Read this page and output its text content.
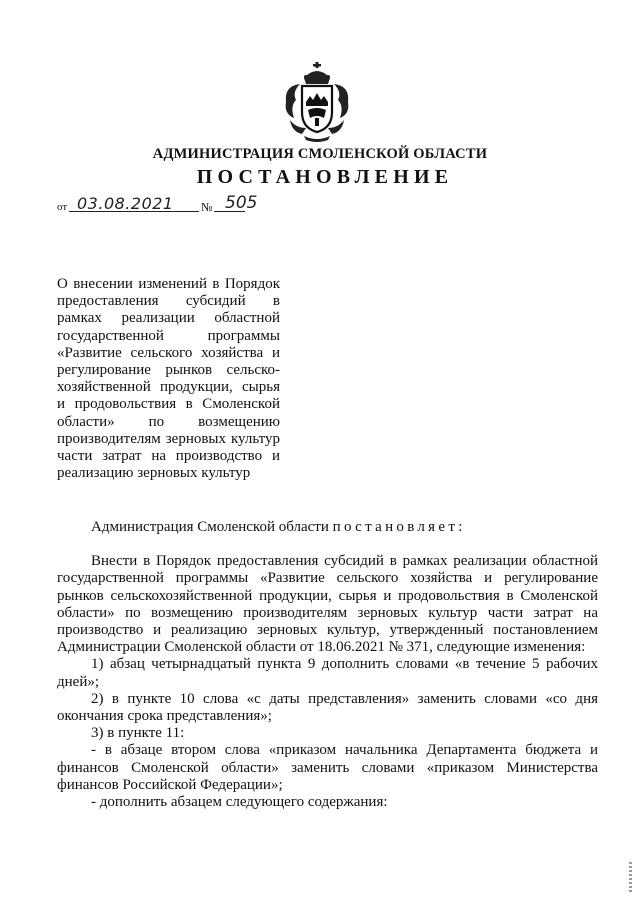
АДМИНИСТРАЦИЯ СМОЛЕНСКОЙ ОБЛАСТИ
ПОСТАНОВЛЕНИЕ
от 03.08.2021 № 505

О внесении изменений в Порядок предоставления субсидий в рамках реализации областной государственной программы «Развитие сельского хозяйства и регулирование рынков сельскохозяйственной продукции, сырья и продовольствия в Смоленской области» по возмещению производителям зерновых культур части затрат на производство и реализацию зерновых культур

Администрация Смоленской области постановляет:

Внести в Порядок предоставления субсидий в рамках реализации областной государственной программы «Развитие сельского хозяйства и регулирование рынков сельскохозяйственной продукции, сырья и продовольствия в Смоленской области» по возмещению производителям зерновых культур части затрат на производство и реализацию зерновых культур, утвержденный постановлением Администрации Смоленской области от 18.06.2021 № 371, следующие изменения:

1) абзац четырнадцатый пункта 9 дополнить словами «в течение 5 рабочих дней»;

2) в пункте 10 слова «с даты представления» заменить словами «со дня окончания срока представления»;

3) в пункте 11:

- в абзаце втором слова «приказом начальника Департамента бюджета и финансов Смоленской области» заменить словами «приказом Министерства финансов Российской Федерации»;

- дополнить абзацем следующего содержания:
